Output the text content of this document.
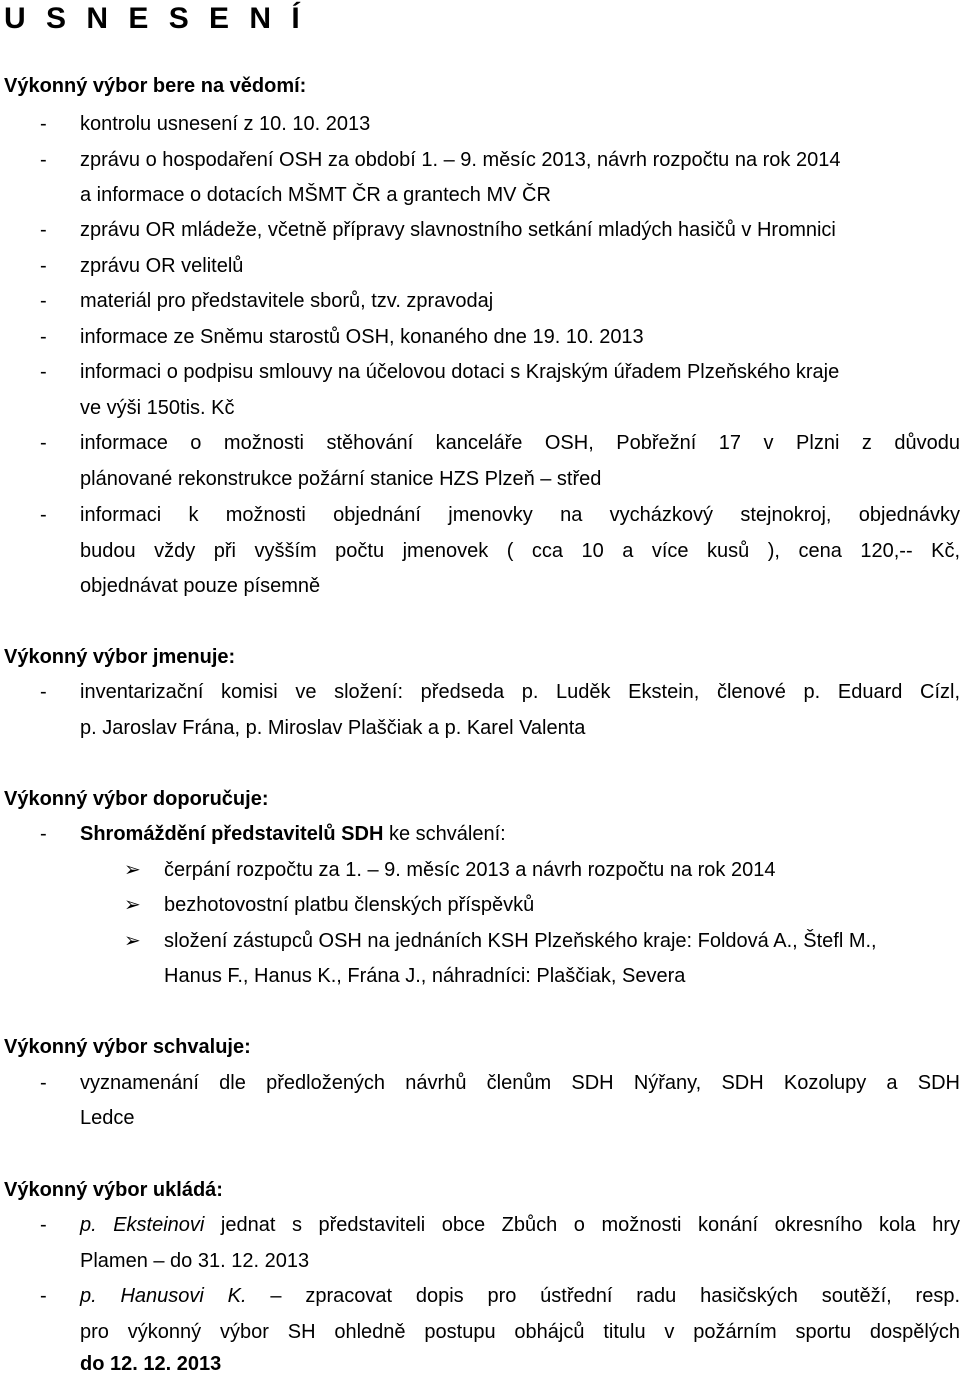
U S N E S E N Í
Výkonný výbor bere na vědomí:
- kontrolu usnesení z 10. 10. 2013
- zprávu o hospodaření OSH za období 1. – 9. měsíc 2013, návrh rozpočtu na rok 2014
a informace o dotacích MŠMT ČR a grantech MV ČR
- zprávu OR mládeže, včetně přípravy slavnostního setkání mladých hasičů v Hromnici
- zprávu OR velitelů
- materiál pro představitele sborů, tzv. zpravodaj
- informace ze Sněmu starostů OSH, konaného dne 19. 10. 2013
- informaci o podpisu smlouvy na účelovou dotaci s Krajským úřadem Plzeňského kraje
ve výši 150tis. Kč
- informace o možnosti stěhování kanceláře OSH, Pobřežní 17 v Plzni z důvodu
plánované rekonstrukce požární stanice HZS Plzeň – střed
- informaci k možnosti objednání jmenovky na vycházkový stejnokroj, objednávky
budou vždy při vyšším počtu jmenovek ( cca 10 a více kusů ), cena 120,-- Kč,
objednávat pouze písemně
Výkonný výbor jmenuje:
- inventarizační komisi ve složení: předseda p. Luděk Ekstein, členové p. Eduard Cízl,
p. Jaroslav Frána, p. Miroslav Plaščiak a p. Karel Valenta
Výkonný výbor doporučuje:
- Shromáždění představitelů SDH ke schválení:
➢ čerpání rozpočtu za 1. – 9. měsíc 2013 a návrh rozpočtu na rok 2014
➢ bezhotovostní platbu členských příspěvků
➢ složení zástupců OSH na jednáních KSH Plzeňského kraje: Foldová A., Štefl M.,
Hanus F., Hanus K., Frána J., náhradníci: Plaščiak, Severa
Výkonný výbor schvaluje:
- vyznamenání dle předložených návrhů členům SDH Nýřany, SDH Kozolupy a SDH
Ledce
Výkonný výbor ukládá:
- p. Eksteinovi jednat s představiteli obce Zbůch o možnosti konání okresního kola hry
Plamen – do 31. 12. 2013
- p. Hanusovi K. – zpracovat dopis pro ústřední radu hasičských soutěží, resp.
pro výkonný výbor SH ohledně postupu obhájců titulu v požárním sportu dospělých
do 12. 12. 2013
